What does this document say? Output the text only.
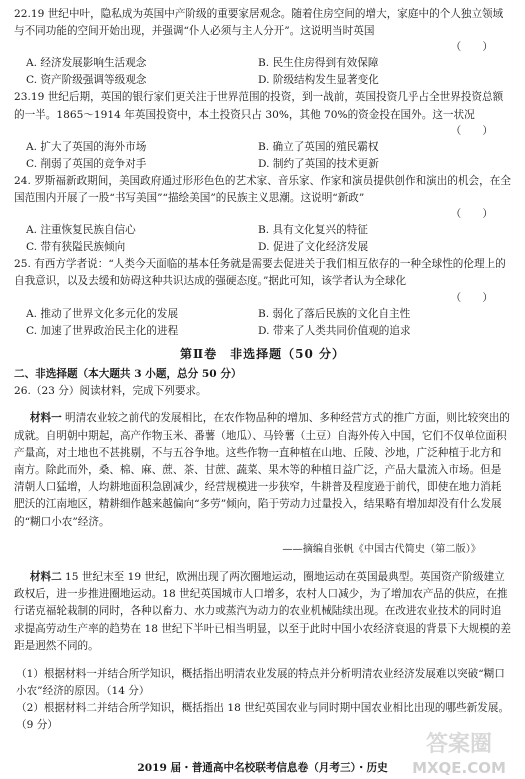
22.19 世纪中叶，隐私成为英国中产阶级的重要家居观念。随着住房空间的增大，家庭中的个人独立领域与不同功能的空间开始出现，并强调“仆人必须与主人分开”。这说明当时英国

（　　）
A. 经济发展影响生活观念	B. 民生住房得到有效保障
C. 资产阶级强调等级观念	D. 阶级结构发生显著变化

23.19 世纪后期，英国的银行家们更关注于世界范围的投资，到一战前，英国投资几乎占全世界投资总额的一半。1865～1914 年英国投资中，本土投资只占 30%，其他 70%的资金投在国外。这一状况

（　　）
A. 扩大了英国的海外市场	B. 确立了英国的殖民霸权
C. 削弱了英国的竞争对手	D. 制约了英国的技术更新

24. 罗斯福新政期间，美国政府通过形形色色的艺术家、音乐家、作家和演员提供创作和演出的机会，在全国范围内开展了一股“书写美国”“描绘美国”的民族主义思潮。这说明“新政”

（　　）
A. 注重恢复民族自信心	B. 具有文化复兴的特征
C. 带有狭隘民族倾向	D. 促进了文化经济发展

25. 有西方学者说：“人类今天面临的基本任务就是需要去促进关于我们相互依存的一种全球性的伦理上的自我意识，以及去缓和妨碍这种共识达成的强硬态度。”据此可知，该学者认为全球化

（　　）
A. 推动了世界文化多元化的发展	B. 弱化了落后民族的文化自主性
C. 加速了世界政治民主化的进程	D. 带来了人类共同价值观的追求
第Ⅱ卷　非选择题（50 分）
二、非选择题（本大题共 3 小题，总分 50 分）
26.（23 分）阅读材料，完成下列要求。

材料一 明清农业较之前代的发展相比，在农作物品种的增加、多种经营方式的推广方面，则比较突出的成就。自明朝中期起，高产作物玉米、番薯（地瓜）、马铃薯（土豆）自海外传入中国，它们不仅单位面积产量高，对土地也不甚挑剔，不与五谷争地。这些作物一直种植在山地、丘陵、沙地，广泛种植于北方和南方。除此而外，桑、棉、麻、蔗、茶、甘蔗、蔬菜、果木等的种植日益广泛，产品大量流入市场。但是清朝人口猛增，人均耕地面积急剧减少，经营规模进一步狭窄，牛耕普及程度逊于前代，即使在地力消耗肥沃的江南地区，精耕细作越来越偏向“多劳”倾向，陷于劳动力过量投入，结果略有增加却没有什么发展的“糊口小农”经济。

——摘编自张帆《中国古代简史（第二版）》

材料二 15 世纪末至 19 世纪，欧洲出现了两次圈地运动，圈地运动在英国最典型。英国资产阶级建立政权后，进一步推进圈地运动。18 世纪英国城市人口增多，农村人口减少，为了增加农产品的供应，在推行诺克福轮栽制的同时，各种以畜力、水力或蒸汽为动力的农业机械陆续出现。在改进农业技术的同时追求提高劳动生产率的趋势在 18 世纪下半叶已相当明显，以至于此时中国小农经济衰退的背景下大规模的差距是迥然不同的。

（1）根据材料一并结合所学知识，概括指出明清农业发展的特点并分析明清农业经济发展难以突破“糊口小农”经济的原因。（14 分）
（2）根据材料二并结合所学知识，概括指出 18 世纪英国农业与同时期中国农业相比出现的哪些新发展。（9 分）
2019 届・普通高中名校联考信息卷（月考三）・历史
答案圈
MXQE.COM
